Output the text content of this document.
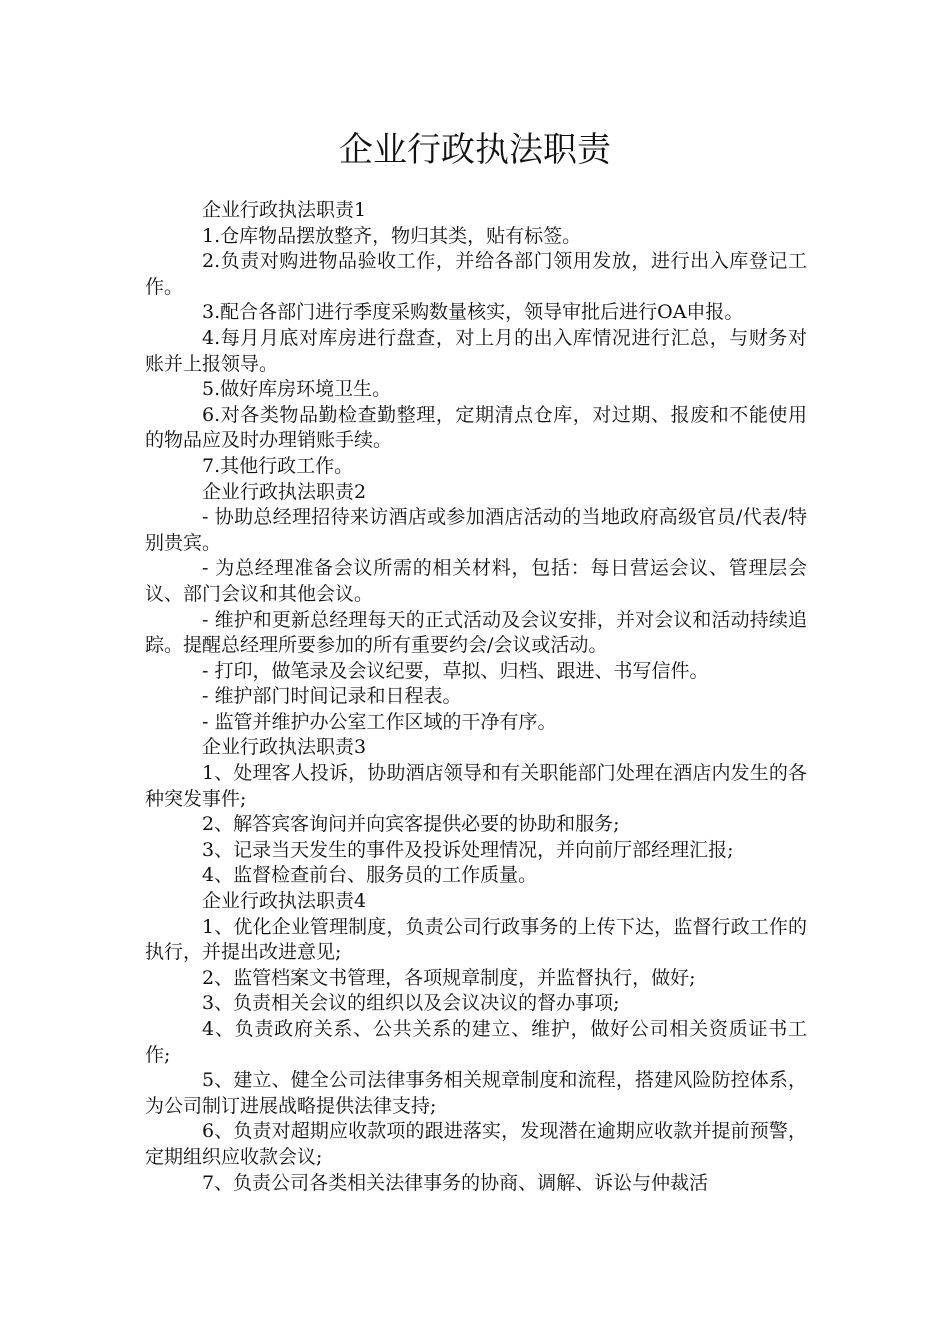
企业行政执法职责

企业行政执法职责1

1.仓库物品摆放整齐，物归其类，贴有标签。

2.负责对购进物品验收工作，并给各部门领用发放，进行出入库登记工作。

3.配合各部门进行季度采购数量核实，领导审批后进行OA申报。

4.每月月底对库房进行盘查，对上月的出入库情况进行汇总，与财务对账并上报领导。

5.做好库房环境卫生。

6.对各类物品勤检查勤整理，定期清点仓库，对过期、报废和不能使用的物品应及时办理销账手续。

7.其他行政工作。

企业行政执法职责2

- 协助总经理招待来访酒店或参加酒店活动的当地政府高级官员/代表/特别贵宾。

- 为总经理准备会议所需的相关材料，包括：每日营运会议、管理层会议、部门会议和其他会议。

- 维护和更新总经理每天的正式活动及会议安排，并对会议和活动持续追踪。提醒总经理所要参加的所有重要约会/会议或活动。

- 打印，做笔录及会议纪要，草拟、归档、跟进、书写信件。

- 维护部门时间记录和日程表。

- 监管并维护办公室工作区域的干净有序。

企业行政执法职责3

1、处理客人投诉，协助酒店领导和有关职能部门处理在酒店内发生的各种突发事件;

2、解答宾客询问并向宾客提供必要的协助和服务;

3、记录当天发生的事件及投诉处理情况，并向前厅部经理汇报;

4、监督检查前台、服务员的工作质量。

企业行政执法职责4

1、优化企业管理制度，负责公司行政事务的上传下达，监督行政工作的执行，并提出改进意见;

2、监管档案文书管理，各项规章制度，并监督执行，做好;

3、负责相关会议的组织以及会议决议的督办事项;

4、负责政府关系、公共关系的建立、维护，做好公司相关资质证书工作;

5、建立、健全公司法律事务相关规章制度和流程，搭建风险防控体系，为公司制订进展战略提供法律支持;

6、负责对超期应收款项的跟进落实，发现潜在逾期应收款并提前预警，定期组织应收款会议;

7、负责公司各类相关法律事务的协商、调解、诉讼与仲裁活
